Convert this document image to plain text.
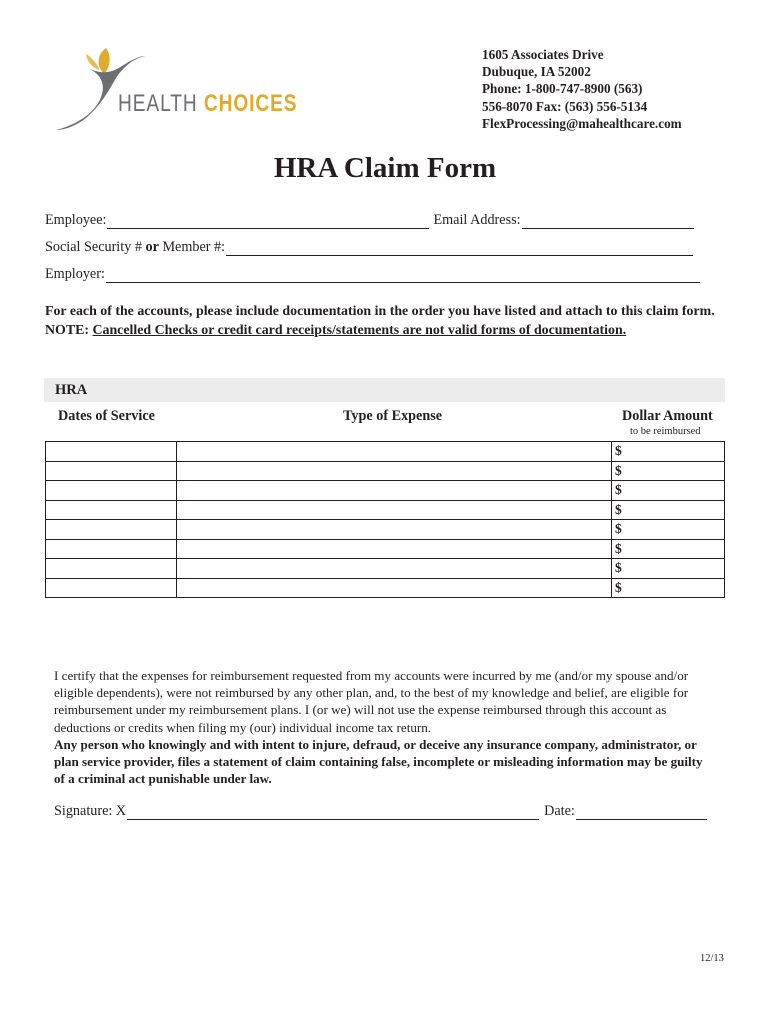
HEALTH CHOICES
1605 Associates Drive
Dubuque, IA 52002
Phone: 1-800-747-8900 (563)
556-8070 Fax: (563) 556-5134
FlexProcessing@mahealthcare.com
HRA Claim Form
Employee:	Email Address:
Social Security # or Member #:
Employer:
For each of the accounts, please include documentation in the order you have listed and attach to this claim form.
NOTE: Cancelled Checks or credit card receipts/statements are not valid forms of documentation.
HRA
Dates of Service	Type of Expense	Dollar Amount
to be reimbursed
		$
		$
		$
		$
		$
		$
		$
		$
I certify that the expenses for reimbursement requested from my accounts were incurred by me (and/or my spouse and/or eligible dependents), were not reimbursed by any other plan, and, to the best of my knowledge and belief, are eligible for reimbursement under my reimbursement plans. I (or we) will not use the expense reimbursed through this account as deductions or credits when filing my (our) individual income tax return.
Any person who knowingly and with intent to injure, defraud, or deceive any insurance company, administrator, or plan service provider, files a statement of claim containing false, incomplete or misleading information may be guilty of a criminal act punishable under law.
Signature: X	Date:
12/13
